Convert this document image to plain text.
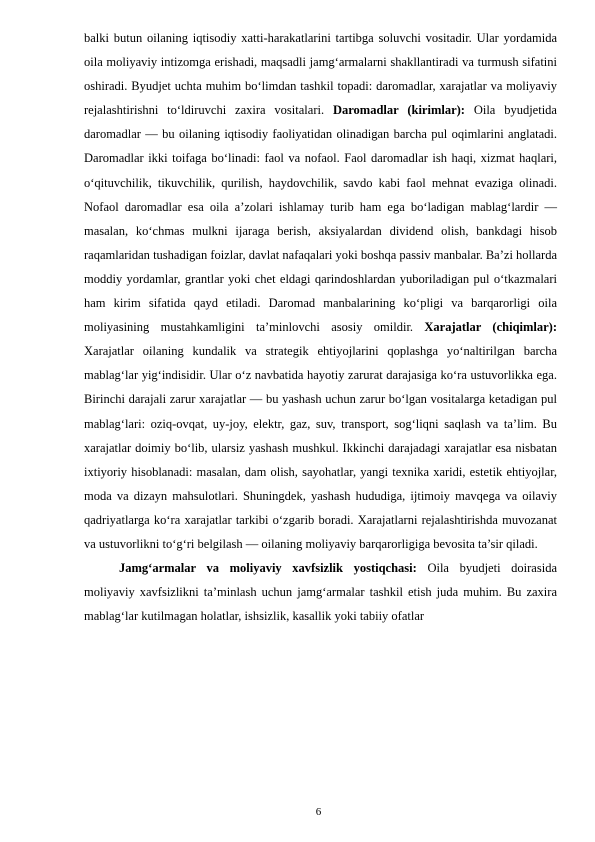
balki butun oilaning iqtisodiy xatti-harakatlarini tartibga soluvchi vositadir. Ular yordamida oila moliyaviy intizomga erishadi, maqsadli jamg‘armalarni shakllantiradi va turmush sifatini oshiradi. Byudjet uchta muhim bo‘limdan tashkil topadi: daromadlar, xarajatlar va moliyaviy rejalashtirishni to‘ldiruvchi zaxira vositalari. Daromadlar (kirimlar): Oila byudjetida daromadlar — bu oilaning iqtisodiy faoliyatidan olinadigan barcha pul oqimlarini anglatadi. Daromadlar ikki toifaga bo‘linadi: faol va nofaol. Faol daromadlar ish haqi, xizmat haqlari, o‘qituvchilik, tikuvchilik, qurilish, haydovchilik, savdo kabi faol mehnat evaziga olinadi. Nofaol daromadlar esa oila a’zolari ishlamay turib ham ega bo‘ladigan mablag‘lardir — masalan, ko‘chmas mulkni ijaraga berish, aksiyalardan dividend olish, bankdagi hisob raqamlaridan tushadigan foizlar, davlat nafaqalari yoki boshqa passiv manbalar. Ba’zi hollarda moddiy yordamlar, grantlar yoki chet eldagi qarindoshlardan yuboriladigan pul o‘tkazmalari ham kirim sifatida qayd etiladi. Daromad manbalarining ko‘pligi va barqarorligi oila moliyasining mustahkamligini ta’minlovchi asosiy omildir. Xarajatlar (chiqimlar): Xarajatlar oilaning kundalik va strategik ehtiyojlarini qoplashga yo‘naltirilgan barcha mablag‘lar yig‘indisidir. Ular o‘z navbatida hayotiy zarurat darajasiga ko‘ra ustuvorlikka ega. Birinchi darajali zarur xarajatlar — bu yashash uchun zarur bo‘lgan vositalarga ketadigan pul mablag‘lari: oziq-ovqat, uy-joy, elektr, gaz, suv, transport, sog‘liqni saqlash va ta’lim. Bu xarajatlar doimiy bo‘lib, ularsiz yashash mushkul. Ikkinchi darajadagi xarajatlar esa nisbatan ixtiyoriy hisoblanadi: masalan, dam olish, sayohatlar, yangi texnika xaridi, estetik ehtiyojlar, moda va dizayn mahsulotlari. Shuningdek, yashash hududiga, ijtimoiy mavqega va oilaviy qadriyatlarga ko‘ra xarajatlar tarkibi o‘zgarib boradi. Xarajatlarni rejalashtirishda muvozanat va ustuvorlikni to‘g‘ri belgilash — oilaning moliyaviy barqarorligiga bevosita ta’sir qiladi.

Jamg‘armalar va moliyaviy xavfsizlik yostiqchasi: Oila byudjeti doirasida moliyaviy xavfsizlikni ta’minlash uchun jamg‘armalar tashkil etish juda muhim. Bu zaxira mablag‘lar kutilmagan holatlar, ishsizlik, kasallik yoki tabiiy ofatlar

6
